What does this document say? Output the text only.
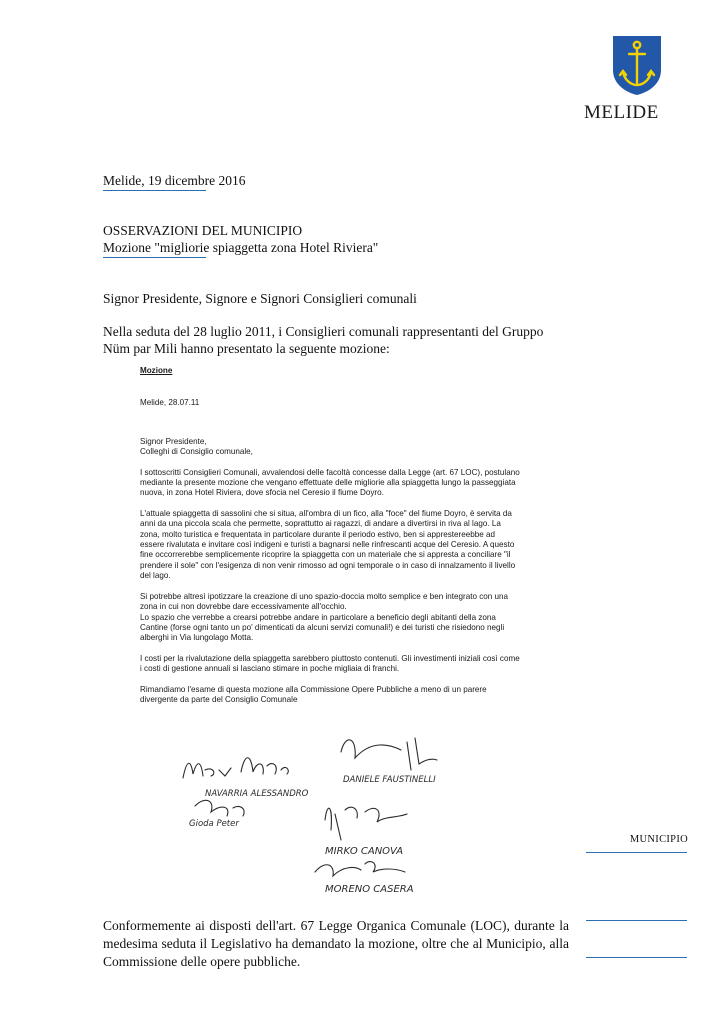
MELIDE
Melide, 19 dicembre 2016
OSSERVAZIONI DEL MUNICIPIO
Mozione "migliorie spiaggetta zona Hotel Riviera"
Signor Presidente, Signore e Signori Consiglieri comunali
Nella seduta del 28 luglio 2011, i Consiglieri comunali rappresentanti del Gruppo Nüm par Mili hanno presentato la seguente mozione:

Mozione

Melide, 28.07.11

Signor Presidente,

Colleghi di Consiglio comunale,

I sottoscritti Consiglieri Comunali, avvalendosi delle facoltà concesse dalla Legge (art. 67 LOC), postulano mediante la presente mozione che vengano effettuate delle migliorie alla spiaggetta lungo la passeggiata nuova, in zona Hotel Riviera, dove sfocia nel Ceresio il fiume Doyro.

L'attuale spiaggetta di sassolini che si situa, all'ombra di un fico, alla "foce" del fiume Doyro, è servita da anni da una piccola scala che permette, soprattutto ai ragazzi, di andare a divertirsi in riva al lago. La zona, molto turistica e frequentata in particolare durante il periodo estivo, ben si apprestereebbe ad essere rivalutata e invitare così indigeni e turisti a bagnarsi nelle rinfrescanti acque del Ceresio. A questo fine occorrerebbe semplicemente ricoprire la spiaggetta con un materiale che si appresta a conciliare "il prendere il sole" con l'esigenza di non venir rimosso ad ogni temporale o in caso di innalzamento il livello del lago.

Si potrebbe altresì ipotizzare la creazione di uno spazio-doccia molto semplice e ben integrato con una zona in cui non dovrebbe dare eccessivamente all'occhio.

Lo spazio che verrebbe a crearsi potrebbe andare in particolare a beneficio degli abitanti della zona Cantine (forse ogni tanto un po' dimenticati da alcuni servizi comunali!) e dei turisti che risiedono negli alberghi in Via lungolago Motta.

I costi per la rivalutazione della spiaggetta sarebbero piuttosto contenuti. Gli investimenti iniziali così come i costi di gestione annuali si lasciano stimare in poche migliaia di franchi.

Rimandiamo l'esame di questa mozione alla Commissione Opere Pubbliche a meno di un parere divergente da parte del Consiglio Comunale

NAVARRIA ALESSANDRO
Gioda Peter
DANIELE FAUSTINELLI
MIRKO CANOVA
MORENO CASERA
MUNICIPIO
Conformemente ai disposti dell'art. 67 Legge Organica Comunale (LOC), durante la medesima seduta il Legislativo ha demandato la mozione, oltre che al Municipio, alla Commissione delle opere pubbliche.
